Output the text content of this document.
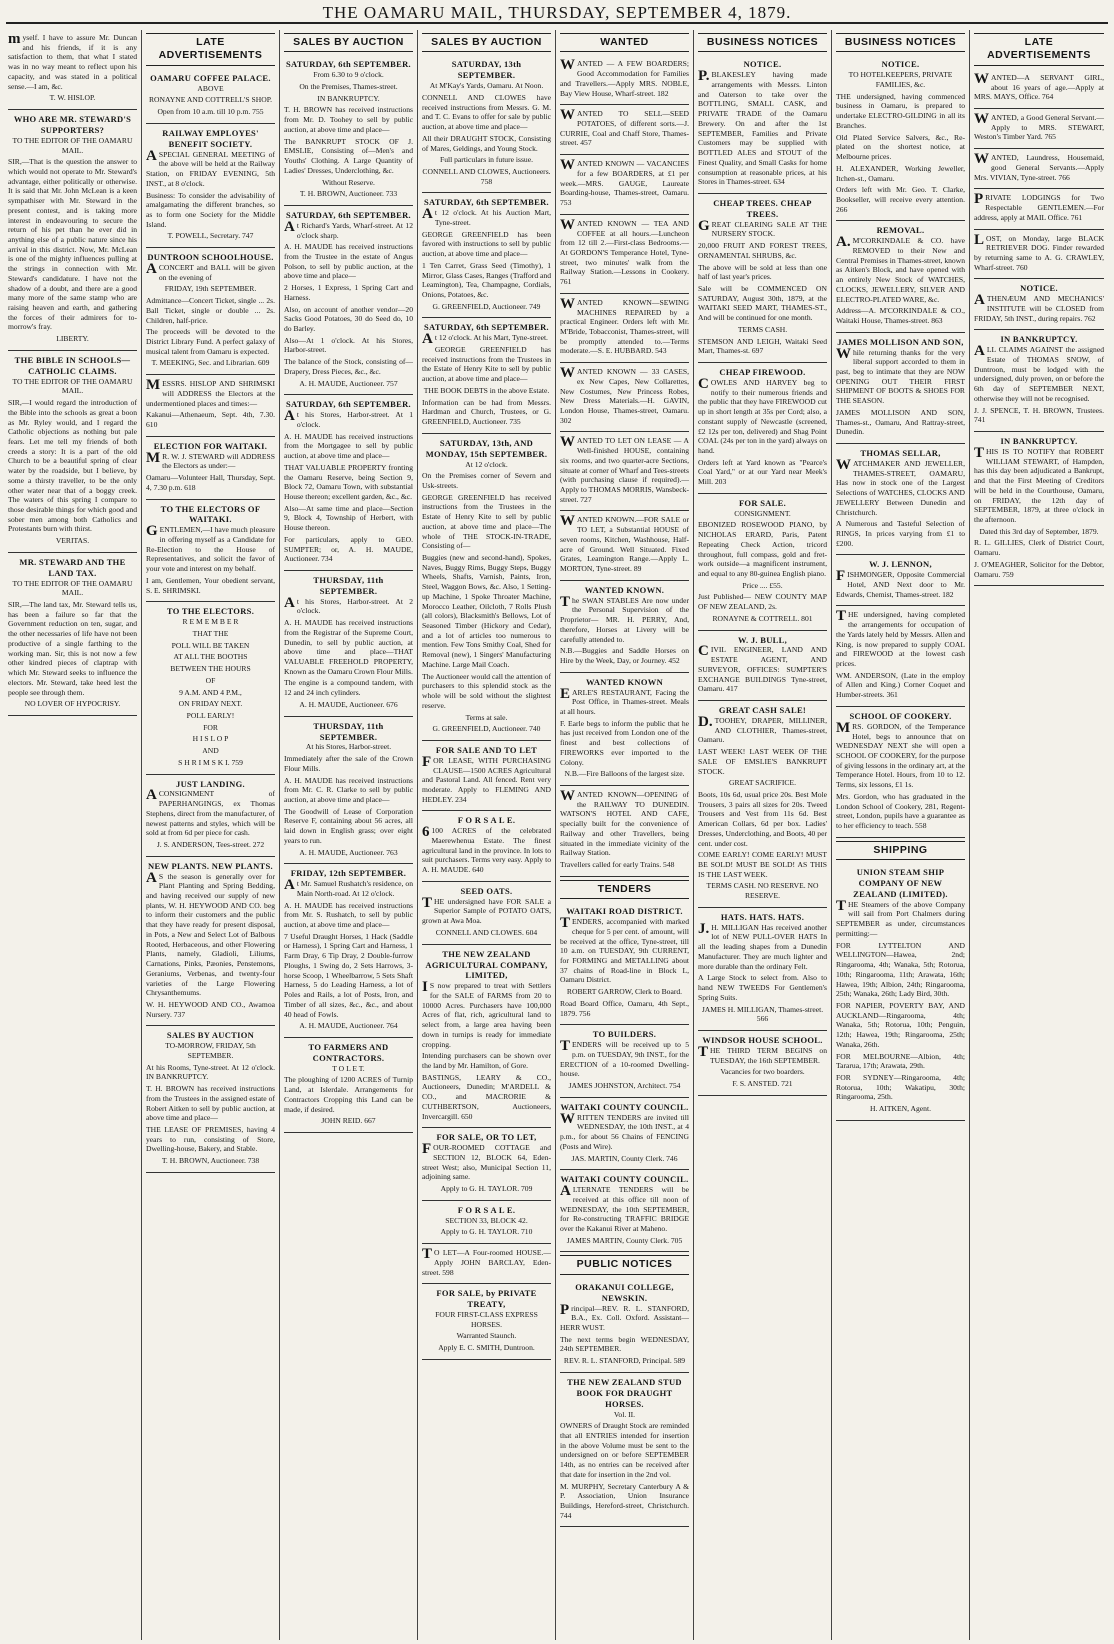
THE OAMARU MAIL, THURSDAY, SEPTEMBER 4, 1879.

myself. I have to assure Mr. Duncan and his friends, if it is any satisfaction to them, that what I stated was in no way meant to reflect upon his capacity, and was stated in a political sense.—I am, &c.

T. W. HISLOP.

WHO ARE MR. STEWARD'S SUPPORTERS?

TO THE EDITOR OF THE OAMARU MAIL.

SIR,—That is the question the answer to which would not operate to Mr. Steward's advantage, either politically or otherwise. It is said that Mr. John McLean is a keen sympathiser with Mr. Steward in the present contest, and is taking more interest in endeavouring to secure the return of his pet than he ever did in anything else of a public nature since his arrival in this district. Now, Mr. McLean is one of the mighty influences pulling at the strings in connection with Mr. Steward's candidature. I have not the shadow of a doubt, and there are a good many more of the same stamp who are raising heaven and earth, and gathering the forces of their admirers for to-morrow's fray.

LIBERTY.

THE BIBLE IN SCHOOLS—CATHOLIC CLAIMS.

TO THE EDITOR OF THE OAMARU MAIL.

SIR,—I would regard the introduction of the Bible into the schools as great a boon as Mr. Ryley would, and I regard the Catholic objections as nothing but pale fears. Let me tell my friends of both creeds a story: It is a part of the old Church to be a beautiful spring of clear water by the roadside, but I believe, by some a thirsty traveller, to be the only other water near that of a boggy creek. The waters of this spring I compare to those desirable things for which good and sober men among both Catholics and Protestants burn with thirst.

VERITAS.

MR. STEWARD AND THE LAND TAX.

TO THE EDITOR OF THE OAMARU MAIL.

SIR,—The land tax, Mr. Steward tells us, has been a failure so far that the Government reduction on ten, sugar, and the other necessaries of life have not been productive of a single farthing to the working man. Sir, this is not now a few other kindred pieces of claptrap with which Mr. Steward seeks to influence the electors. Mr. Steward, take heed lest the people see through them.

NO LOVER OF HYPOCRISY.

LATE ADVERTISEMENTS
OAMARU COFFEE PALACE.

ABOVE

RONAYNE AND COTTRELL'S SHOP.

Open from 10 a.m. till 10 p.m. 755

RAILWAY EMPLOYES' BENEFIT SOCIETY.

ASPECIAL GENERAL MEETING of the above will be held at the Railway Station, on FRIDAY EVENING, 5th INST., at 8 o'clock.

Business: To consider the advisability of amalgamating the different branches, so as to form one Society for the Middle Island.

T. POWELL, Secretary. 747

DUNTROON SCHOOLHOUSE.

ACONCERT and BALL will be given on the evening of

FRIDAY, 19th SEPTEMBER.

Admittance—Concert Ticket, single ... 2s. Ball Ticket, single or double ... 2s. Children, half-price.

The proceeds will be devoted to the District Library Fund. A perfect galaxy of musical talent from Oamaru is expected.

T. MEEKING, Sec. and Librarian. 609

MESSRS. HISLOP AND SHRIMSKI will ADDRESS the Electors at the undermentioned places and times:—

Kakanui—Athenaeum, Sept. 4th, 7.30. 610

ELECTION FOR WAITAKI.

MR. W. J. STEWARD will ADDRESS the Electors as under:—

Oamaru—Volunteer Hall, Thursday, Sept. 4, 7.30 p.m. 618

TO THE ELECTORS OF WAITAKI.

GENTLEMEN,—I have much pleasure in offering myself as a Candidate for Re-Election to the House of Representatives, and solicit the favor of your vote and interest on my behalf.

I am, Gentlemen, Your obedient servant, S. E. SHRIMSKI.

TO THE ELECTORS.

R E M E M B E R

THAT THE

POLL WILL BE TAKEN

AT ALL THE BOOTHS

BETWEEN THE HOURS

OF

9 A.M. AND 4 P.M.,

ON FRIDAY NEXT.

POLL EARLY!

FOR

H I S L O P

AND

S H R I M S K I. 759

JUST LANDING.

ACONSIGNMENT of PAPERHANGINGS, ex Thomas Stephens, direct from the manufacturer, of newest patterns and styles, which will be sold at from 6d per piece for cash.

J. S. ANDERSON, Tees-street. 272

NEW PLANTS. NEW PLANTS.

AS the season is generally over for Plant Planting and Spring Bedding, and having received our supply of new plants, W. H. HEYWOOD AND CO. beg to inform their customers and the public that they have ready for present disposal, in Pots, a New and Select Lot of Balbous Rooted, Herbaceous, and other Flowering Plants, namely, Gladioli, Liliums, Carnations, Pinks, Pæonies, Penstemons, Geraniums, Verbenas, and twenty-four varieties of the Large Flowering Chrysanthemums.

W. H. HEYWOOD AND CO., Awamoa Nursery. 737

SALES BY AUCTION

TO-MORROW, FRIDAY, 5th SEPTEMBER.

At his Rooms, Tyne-street. At 12 o'clock. IN BANKRUPTCY.

T. H. BROWN has received instructions from the Trustees in the assigned estate of Robert Aitken to sell by public auction, at above time and place—

THE LEASE OF PREMISES, having 4 years to run, consisting of Store, Dwelling-house, Bakery, and Stable.

T. H. BROWN, Auctioneer. 738

SALES BY AUCTION
SATURDAY, 6th SEPTEMBER.

From 6.30 to 9 o'clock.

On the Premises, Thames-street.

IN BANKRUPTCY.

T. H. BROWN has received instructions from Mr. D. Toohey to sell by public auction, at above time and place—

The BANKRUPT STOCK OF J. EMSLIE, Consisting of—Men's and Youths' Clothing. A Large Quantity of Ladies' Dresses, Underclothing, &c.

Without Reserve.

T. H. BROWN, Auctioneer. 733

SATURDAY, 6th SEPTEMBER.

At Richard's Yards, Wharf-street. At 12 o'clock sharp.

A. H. MAUDE has received instructions from the Trustee in the estate of Angus Polson, to sell by public auction, at the above time and place—

2 Horses, 1 Express, 1 Spring Cart and Harness.

Also, on account of another vendor—20 Sacks Good Potatoes, 30 do Seed do, 10 do Barley.

Also—At 1 o'clock. At his Stores, Harbor-street.

The balance of the Stock, consisting of—Drapery, Dress Pieces, &c., &c.

A. H. MAUDE, Auctioneer. 757

SATURDAY, 6th SEPTEMBER.

At his Stores, Harbor-street. At 1 o'clock.

A. H. MAUDE has received instructions from the Mortgagee to sell by public auction, at above time and place—

THAT VALUABLE PROPERTY fronting the Oamaru Reserve, being Section 9, Block 72, Oamaru Town, with substantial House thereon; excellent garden, &c., &c.

Also—At same time and place—Section 9, Block 4, Township of Herbert, with House thereon.

For particulars, apply to GEO. SUMPTER; or, A. H. MAUDE, Auctioneer. 734

THURSDAY, 11th SEPTEMBER.

At his Stores, Harbor-street. At 2 o'clock.

A. H. MAUDE has received instructions from the Registrar of the Supreme Court, Dunedin, to sell by public auction, at above time and place—THAT VALUABLE FREEHOLD PROPERTY, Known as the Oamaru Crown Flour Mills.

The engine is a compound tandem, with 12 and 24 inch cylinders.

A. H. MAUDE, Auctioneer. 676

THURSDAY, 11th SEPTEMBER.

At his Stores, Harbor-street.

Immediately after the sale of the Crown Flour Mills.

A. H. MAUDE has received instructions from Mr. C. R. Clarke to sell by public auction, at above time and place—

The Goodwill of Lease of Corporation Reserve F, containing about 56 acres, all laid down in English grass; over eight years to run.

A. H. MAUDE, Auctioneer. 763

FRIDAY, 12th SEPTEMBER.

At Mr. Samuel Rushatch's residence, on Main North-road. At 12 o'clock.

A. H. MAUDE has received instructions from Mr. S. Rushatch, to sell by public auction, at above time and place—

7 Useful Draught Horses, 1 Hack (Saddle or Harness), 1 Spring Cart and Harness, 1 Farm Dray, 6 Tip Dray, 2 Double-furrow Ploughs, 1 Swing do, 2 Sets Harrows, 3-horse Scoop, 1 Wheelbarrow, 5 Sets Shaft Harness, 5 do Leading Harness, a lot of Poles and Rails, a lot of Posts, Iron, and Timber of all sizes, &c., &c., and about 40 head of Fowls.

A. H. MAUDE, Auctioneer. 764

TO FARMERS AND CONTRACTORS.

T O L E T.

The ploughing of 1200 ACRES of Turnip Land, at Islerdale. Arrangements for Contractors Cropping this Land can be made, if desired.

JOHN REID. 667

SALES BY AUCTION
SATURDAY, 13th SEPTEMBER.

At M'Kay's Yards, Oamaru. At Noon.

CONNELL AND CLOWES have received instructions from Messrs. G. M. and T. C. Evans to offer for sale by public auction, at above time and place—

All their DRAUGHT STOCK, Consisting of Mares, Geldings, and Young Stock.

Full particulars in future issue.

CONNELL AND CLOWES, Auctioneers. 758

SATURDAY, 6th SEPTEMBER.

At 12 o'clock. At his Auction Mart, Tyne-street.

GEORGE GREENFIELD has been favored with instructions to sell by public auction, at above time and place—

1 Ten Carret, Grass Seed (Timothy), 1 Mirror, Glass Cases, Ranges (Trafford and Leamington), Tea, Champagne, Cordials, Onions, Potatoes, &c.

G. GREENFIELD, Auctioneer. 749

SATURDAY, 6th SEPTEMBER.

At 12 o'clock. At his Mart, Tyne-street.

GEORGE GREENFIELD has received instructions from the Trustees in the Estate of Henry Kite to sell by public auction, at above time and place—

THE BOOK DEBTS in the above Estate.

Information can be had from Messrs. Hardman and Church, Trustees, or G. GREENFIELD, Auctioneer. 735

SATURDAY, 13th, AND MONDAY, 15th SEPTEMBER.

At 12 o'clock.

On the Premises corner of Severn and Usk-streets.

GEORGE GREENFIELD has received instructions from the Trustees in the Estate of Henry Kite to sell by public auction, at above time and place—The whole of THE STOCK-IN-TRADE, Consisting of—

Buggies (new and second-hand), Spokes, Naves, Buggy Rims, Buggy Steps, Buggy Wheels, Shafts, Varnish, Paints, Iron, Steel, Waggon Bows, &c. Also, 1 Setting-up Machine, 1 Spoke Throater Machine, Morocco Leather, Oilcloth, 7 Rolls Plush (all colors), Blacksmith's Bellows, Lot of Seasoned Timber (Hickory and Cedar), and a lot of articles too numerous to mention. Few Tons Smithy Coal, Shed for Removal (new), 1 Singers' Manufacturing Machine. Large Mail Coach.

The Auctioneer would call the attention of purchasers to this splendid stock as the whole will be sold without the slightest reserve.

Terms at sale.

G. GREENFIELD, Auctioneer. 740

FOR SALE AND TO LET

FOR LEASE, WITH PURCHASING CLAUSE—1500 ACRES Agricultural and Pastoral Land. All fenced. Rent very moderate. Apply to FLEMING AND HEDLEY. 234

F O R S A L E.

6100 ACRES of the celebrated Maerewhenua Estate. The finest agricultural land in the province. In lots to suit purchasers. Terms very easy. Apply to A. H. MAUDE. 640

SEED OATS.

THE undersigned have FOR SALE a Superior Sample of POTATO OATS, grown at Awa Moa.

CONNELL AND CLOWES. 604

THE NEW ZEALAND AGRICULTURAL COMPANY, LIMITED,

IS now prepared to treat with Settlers for the SALE of FARMS from 20 to 10000 Acres. Purchasers have 100,000 Acres of flat, rich, agricultural land to select from, a large area having been down in turnips is ready for immediate cropping.

Intending purchasers can be shown over the land by Mr. Hamilton, of Gore.

BASTINGS, LEARY & CO., Auctioneers, Dunedin; M'ARDELL & CO., and MACRORIE & CUTHBERTSON, Auctioneers, Invercargill. 650

FOR SALE, OR TO LET,

FOUR-ROOMED COTTAGE and SECTION 12, BLOCK 64, Eden-street West; also, Municipal Section 11, adjoining same.

Apply to G. H. TAYLOR. 709

F O R S A L E.

SECTION 33, BLOCK 42.

Apply to G. H. TAYLOR. 710

TO LET—A Four-roomed HOUSE.—Apply JOHN BARCLAY, Eden-street. 598

FOR SALE, by PRIVATE TREATY,

FOUR FIRST-CLASS EXPRESS HORSES.

Warranted Staunch.

Apply E. C. SMITH, Duntroon.

WANTED

WANTED — A FEW BOARDERS; Good Accommodation for Families and Travellers.—Apply MRS. NOBLE, Bay View House, Wharf-street. 182

WANTED TO SELL—SEED POTATOES, of different sorts.—J. CURRIE, Coal and Chaff Store, Thames-street. 457

WANTED KNOWN — VACANCIES for a few BOARDERS, at £1 per week.—MRS. GAUGE, Laureate Boarding-house, Thames-street, Oamaru. 753

WANTED KNOWN — TEA AND COFFEE at all hours.—Luncheon from 12 till 2.—First-class Bedrooms.—At GORDON'S Temperance Hotel, Tyne-street, two minutes' walk from the Railway Station.—Lessons in Cookery. 761

WANTED KNOWN—SEWING MACHINES REPAIRED by a practical Engineer. Orders left with Mr. M'Bride, Tobacconist, Thames-street, will be promptly attended to.—Terms moderate.—S. E. HUBBARD. 543

WANTED KNOWN — 33 CASES, ex New Capes, New Collarettes, New Costumes, New Princess Robes, New Dress Materials.—H. GAVIN, London House, Thames-street, Oamaru. 302

WANTED TO LET ON LEASE — A Well-finished HOUSE, containing six rooms, and two quarter-acre Sections, situate at corner of Wharf and Tees-streets (with purchasing clause if required).—Apply to THOMAS MORRIS, Wansbeck-street. 727

WANTED KNOWN.—FOR SALE or TO LET, a Substantial HOUSE of seven rooms, Kitchen, Washhouse, Half-acre of Ground. Well Situated. Fixed Grates, Leamington Range.—Apply L. MORTON, Tyne-street. 89

WANTED KNOWN.

The SWAN STABLES Are now under the Personal Supervision of the Proprietor— MR. H. PERRY, And, therefore, Horses at Livery will be carefully attended to.

N.B.—Buggies and Saddle Horses on Hire by the Week, Day, or Journey. 452

WANTED KNOWN

EARLE'S RESTAURANT, Facing the Post Office, in Thames-street. Meals at all hours.

F. Earle begs to inform the public that he has just received from London one of the finest and best collections of FIREWORKS ever imported to the Colony.

N.B.—Fire Balloons of the largest size.

WANTED KNOWN—OPENING of the RAILWAY TO DUNEDIN. WATSON'S HOTEL AND CAFE, specially built for the convenience of Railway and other Travellers, being situated in the immediate vicinity of the Railway Station.

Travellers called for early Trains. 548

TENDERS
WAITAKI ROAD DISTRICT.

TENDERS, accompanied with marked cheque for 5 per cent. of amount, will be received at the office, Tyne-street, till 10 a.m. on TUESDAY, 9th CURRENT, for FORMING and METALLING about 37 chains of Road-line in Block L, Oamaru District.

ROBERT GARROW, Clerk to Board.

Road Board Office, Oamaru, 4th Sept., 1879. 756

TO BUILDERS.

TENDERS will be received up to 5 p.m. on TUESDAY, 9th INST., for the ERECTION of a 10-roomed Dwelling-house.

JAMES JOHNSTON, Architect. 754

WAITAKI COUNTY COUNCIL.

WRITTEN TENDERS are invited till WEDNESDAY, the 10th INST., at 4 p.m., for about 56 Chains of FENCING (Posts and Wire).

JAS. MARTIN, County Clerk. 746

WAITAKI COUNTY COUNCIL.

ALTERNATE TENDERS will be received at this office till noon of WEDNESDAY, the 10th SEPTEMBER, for Re-constructing TRAFFIC BRIDGE over the Kakanui River at Maheno.

JAMES MARTIN, County Clerk. 705

PUBLIC NOTICES
ORAKANUI COLLEGE, NEWSKIN.

Principal—REV. R. L. STANFORD, B.A., Ex. Coll. Oxford. Assistant—HERR WUST.

The next terms begin WEDNESDAY, 24th SEPTEMBER.

REV. R. L. STANFORD, Principal. 589

THE NEW ZEALAND STUD BOOK FOR DRAUGHT HORSES.

Vol. II.

OWNERS of Draught Stock are reminded that all ENTRIES intended for insertion in the above Volume must be sent to the undersigned on or before SEPTEMBER 14th, as no entries can be received after that date for insertion in the 2nd vol.

M. MURPHY, Secretary Canterbury A & P. Association, Union Insurance Buildings, Hereford-street, Christchurch. 744

BUSINESS NOTICES
NOTICE.

P.BLAKESLEY having made arrangements with Messrs. Linton and Oaterson to take over the BOTTLING, SMALL CASK, and PRIVATE TRADE of the Oamaru Brewery. On and after the 1st SEPTEMBER, Families and Private Customers may be supplied with BOTTLED ALES and STOUT of the Finest Quality, and Small Casks for home consumption at reasonable prices, at his Stores in Thames-street. 634

CHEAP TREES. CHEAP TREES.

GREAT CLEARING SALE AT THE NURSERY STOCK.

20,000 FRUIT AND FOREST TREES, ORNAMENTAL SHRUBS, &c.

The above will be sold at less than one half of last year's prices.

Sale will be COMMENCED ON SATURDAY, August 30th, 1879, at the WAITAKI SEED MART, THAMES-ST., And will be continued for one month.

TERMS CASH.

STEMSON AND LEIGH, Waitaki Seed Mart, Thames-st. 697

CHEAP FIREWOOD.

COWLES AND HARVEY beg to notify to their numerous friends and the public that they have FIREWOOD cut up in short length at 35s per Cord; also, a constant supply of Newcastle (screened, £2 12s per ton, delivered) and Shag Point COAL (24s per ton in the yard) always on hand.

Orders left at Yard known as "Pearce's Coal Yard," or at our Yard near Meek's Mill. 203

FOR SALE.

CONSIGNMENT.

EBONIZED ROSEWOOD PIANO, by NICHOLAS ERARD, Paris, Patent Repeating Check Action, tricord throughout, full compass, gold and fret-work outside—a magnificent instrument, and equal to any 80-guinea English piano.

Price .... £55.

Just Published— NEW COUNTY MAP OF NEW ZEALAND, 2s.

RONAYNE & COTTRELL. 801

W. J. BULL,

CIVIL ENGINEER, LAND AND ESTATE AGENT, AND SURVEYOR, OFFICES: SUMPTER'S EXCHANGE BUILDINGS Tyne-street, Oamaru. 417

GREAT CASH SALE!

D.TOOHEY, DRAPER, MILLINER, AND CLOTHIER, Thames-street, Oamaru.

LAST WEEK! LAST WEEK OF THE SALE OF EMSLIE'S BANKRUPT STOCK.

GREAT SACRIFICE.

Boots, 10s 6d, usual price 20s. Best Mole Trousers, 3 pairs all sizes for 20s. Tweed Trousers and Vest from 11s 6d. Best American Collars, 6d per box. Ladies' Dresses, Underclothing, and Boots, 40 per cent. under cost.

COME EARLY! COME EARLY! MUST BE SOLD! MUST BE SOLD! AS THIS IS THE LAST WEEK.

TERMS CASH. NO RESERVE. NO RESERVE.

HATS. HATS. HATS.

J.H. MILLIGAN Has received another lot of NEW PULL-OVER HATS In all the leading shapes from a Dunedin Manufacturer. They are much lighter and more durable than the ordinary Felt.

A Large Stock to select from. Also to hand NEW TWEEDS For Gentlemen's Spring Suits.

JAMES H. MILLIGAN, Thames-street. 566

WINDSOR HOUSE SCHOOL.

THE THIRD TERM BEGINS on TUESDAY, the 16th SEPTEMBER.

Vacancies for two boarders.

F. S. ANSTED. 721

BUSINESS NOTICES
NOTICE.

TO HOTELKEEPERS, PRIVATE FAMILIES, &c.

THE undersigned, having commenced business in Oamaru, is prepared to undertake ELECTRO-GILDING in all its Branches.

Old Plated Service Salvers, &c., Re-plated on the shortest notice, at Melbourne prices.

H. ALEXANDER, Working Jeweller, Itchen-st., Oamaru.

Orders left with Mr. Geo. T. Clarke, Bookseller, will receive every attention. 266

REMOVAL.

A.M'CORKINDALE & CO. have REMOVED to their New and Central Premises in Thames-street, known as Aitken's Block, and have opened with an entirely New Stock of WATCHES, CLOCKS, JEWELLERY, SILVER AND ELECTRO-PLATED WARE, &c.

Address—A. M'CORKINDALE & CO., Waitaki House, Thames-street. 863

JAMES MOLLISON AND SON,

While returning thanks for the very liberal support accorded to them in past, beg to intimate that they are NOW OPENING OUT THEIR FIRST SHIPMENT OF BOOTS & SHOES FOR THE SEASON.

JAMES MOLLISON AND SON, Thames-st., Oamaru, And Rattray-street, Dunedin.

THOMAS SELLAR,

WATCHMAKER AND JEWELLER, THAMES-STREET, OAMARU, Has now in stock one of the Largest Selections of WATCHES, CLOCKS AND JEWELLERY Between Dunedin and Christchurch.

A Numerous and Tasteful Selection of RINGS, In prices varying from £1 to £200.

W. J. LENNON,

FISHMONGER, Opposite Commercial Hotel, AND Next door to Mr. Edwards, Chemist, Thames-street. 182

THE undersigned, having completed the arrangements for occupation of the Yards lately held by Messrs. Allen and King, is now prepared to supply COAL and FIREWOOD at the lowest cash prices.

WM. ANDERSON, (Late in the employ of Allen and King.) Corner Coquet and Humber-streets. 361

SCHOOL OF COOKERY.

MRS. GORDON, of the Temperance Hotel, begs to announce that on WEDNESDAY NEXT she will open a SCHOOL OF COOKERY, for the purpose of giving lessons in the ordinary art, at the Temperance Hotel. Hours, from 10 to 12. Terms, six lessons, £1 1s.

Mrs. Gordon, who has graduated in the London School of Cookery, 281, Regent-street, London, pupils have a guarantee as to her efficiency to teach. 558

SHIPPING
UNION STEAM SHIP COMPANY OF NEW ZEALAND (LIMITED).

THE Steamers of the above Company will sail from Port Chalmers during SEPTEMBER as under, circumstances permitting:—

FOR LYTTELTON AND WELLINGTON—Hawea, 2nd; Ringarooma, 4th; Wanaka, 5th; Rotorua, 10th; Ringarooma, 11th; Arawata, 16th; Hawea, 19th; Albion, 24th; Ringarooma, 25th; Wanaka, 26th; Lady Bird, 30th.

FOR NAPIER, POVERTY BAY, AND AUCKLAND—Ringarooma, 4th; Wanaka, 5th; Rotorua, 10th; Penguin, 12th; Hawea, 19th; Ringarooma, 25th; Wanaka, 26th.

FOR MELBOURNE—Albion, 4th; Tararua, 17th; Arawata, 29th.

FOR SYDNEY—Ringarooma, 4th; Rotorua, 10th; Wakatipu, 30th; Ringarooma, 25th.

H. AITKEN, Agent.

LATE ADVERTISEMENTS

WANTED—A SERVANT GIRL, about 16 years of age.—Apply at MRS. MAYS, Office. 764

WANTED, a Good General Servant.—Apply to MRS. STEWART, Weston's Timber Yard. 765

WANTED, Laundress, Housemaid, good General Servants.—Apply Mrs. VIVIAN, Tyne-street. 766

PRIVATE LODGINGS for Two Respectable GENTLEMEN.—For address, apply at MAIL Office. 761

LOST, on Monday, large BLACK RETRIEVER DOG. Finder rewarded by returning same to A. G. CRAWLEY, Wharf-street. 760

NOTICE.

ATHENÆUM AND MECHANICS' INSTITUTE will be CLOSED from FRIDAY, 5th INST., during repairs. 762

IN BANKRUPTCY.

ALL CLAIMS AGAINST the assigned Estate of THOMAS SNOW, of Duntroon, must be lodged with the undersigned, duly proven, on or before the 6th day of SEPTEMBER NEXT, otherwise they will not be recognised.

J. J. SPENCE, T. H. BROWN, Trustees. 741

IN BANKRUPTCY.

THIS IS TO NOTIFY that ROBERT WILLIAM STEWART, of Hampden, has this day been adjudicated a Bankrupt, and that the First Meeting of Creditors will be held in the Courthouse, Oamaru, on FRIDAY, the 12th day of SEPTEMBER, 1879, at three o'clock in the afternoon.

Dated this 3rd day of September, 1879.

R. L. GILLIES, Clerk of District Court, Oamaru.

J. O'MEAGHER, Solicitor for the Debtor, Oamaru. 759
